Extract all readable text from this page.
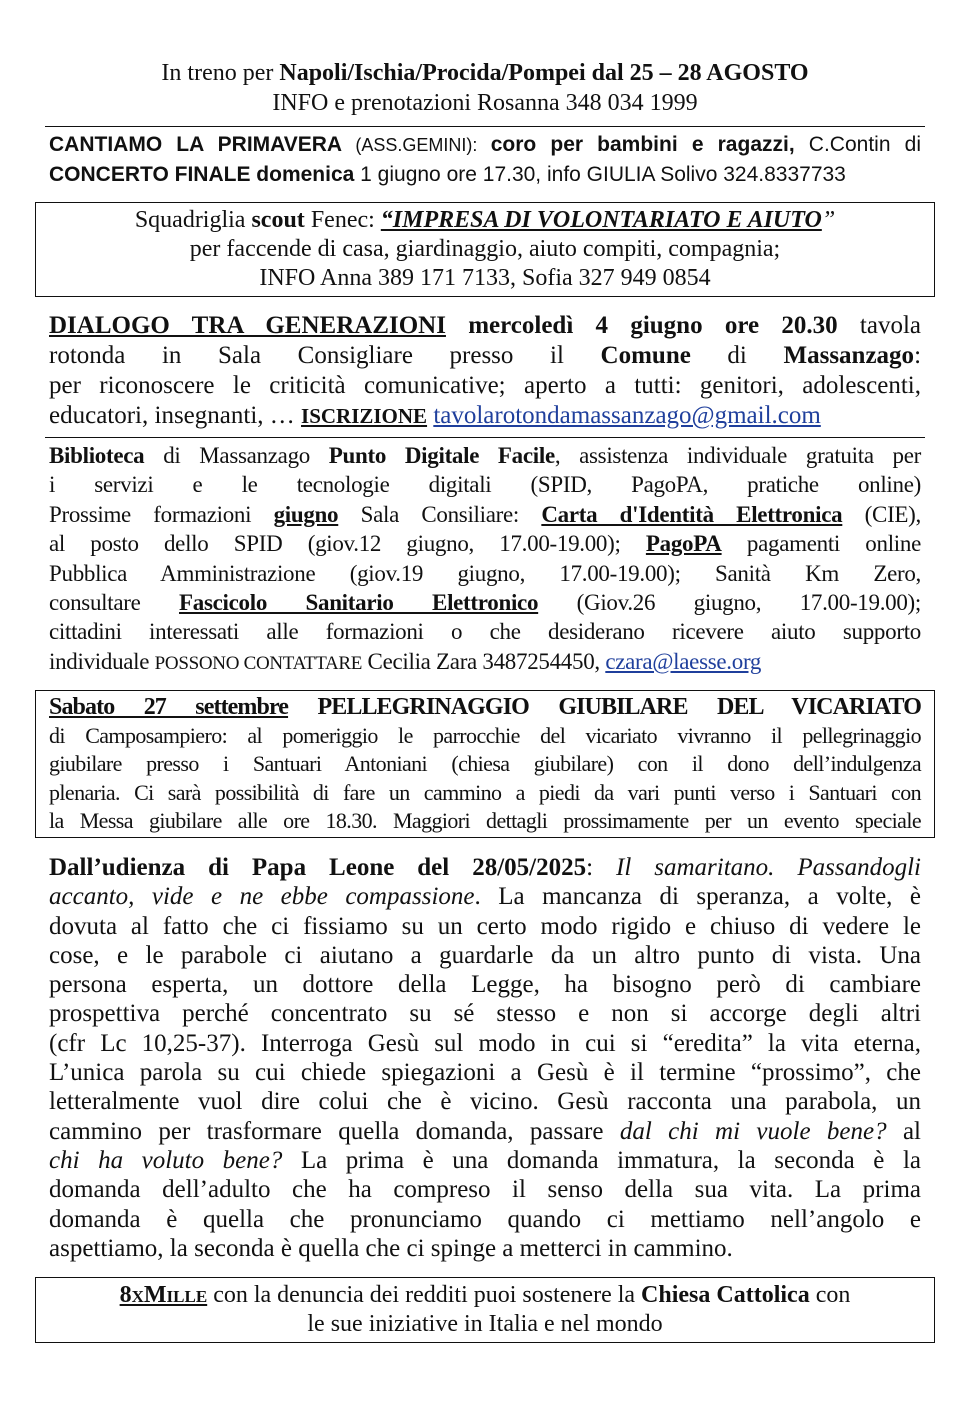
In treno per Napoli/Ischia/Procida/Pompei dal 25 – 28 AGOSTO
INFO e prenotazioni Rosanna 348 034 1999
CANTIAMO LA PRIMAVERA (ASS.GEMINI): coro per bambini e ragazzi, C.Contin di
CONCERTO FINALE domenica 1 giugno ore 17.30, info GIULIA Solivo 324.8337733
Squadriglia scout Fenec: “IMPRESA DI VOLONTARIATO E AIUTO”
per faccende di casa, giardinaggio, aiuto compiti, compagnia;
INFO Anna 389 171 7133, Sofia 327 949 0854
DIALOGO TRA GENERAZIONI mercoledì 4 giugno ore 20.30 tavola
rotonda in Sala Consigliare presso il Comune di Massanzago:
per riconoscere le criticità comunicative; aperto a tutti: genitori, adolescenti,
educatori, insegnanti, … ISCRIZIONE tavolarotondamassanzago@gmail.com
Biblioteca di Massanzago Punto Digitale Facile, assistenza individuale gratuita per
i servizi e le tecnologie digitali (SPID, PagoPA, pratiche online)
Prossime formazioni giugno Sala Consiliare: Carta d'Identità Elettronica (CIE),
al posto dello SPID (giov.12 giugno, 17.00-19.00); PagoPA pagamenti online
Pubblica Amministrazione (giov.19 giugno, 17.00-19.00); Sanità Km Zero,
consultare Fascicolo Sanitario Elettronico (Giov.26 giugno, 17.00-19.00);
cittadini interessati alle formazioni o che desiderano ricevere aiuto supporto
individuale POSSONO CONTATTARE Cecilia Zara 3487254450, czara@laesse.org
Sabato 27 settembre PELLEGRINAGGIO GIUBILARE DEL VICARIATO
di Camposampiero: al pomeriggio le parrocchie del vicariato vivranno il pellegrinaggio
giubilare presso i Santuari Antoniani (chiesa giubilare) con il dono dell’indulgenza
plenaria. Ci sarà possibilità di fare un cammino a piedi da vari punti verso i Santuari con
la Messa giubilare alle ore 18.30. Maggiori dettagli prossimamente per un evento speciale
Dall’udienza di Papa Leone del 28/05/2025: Il samaritano. Passandogli
accanto, vide e ne ebbe compassione. La mancanza di speranza, a volte, è
dovuta al fatto che ci fissiamo su un certo modo rigido e chiuso di vedere le
cose, e le parabole ci aiutano a guardarle da un altro punto di vista. Una
persona esperta, un dottore della Legge, ha bisogno però di cambiare
prospettiva perché concentrato su sé stesso e non si accorge degli altri
(cfr Lc 10,25-37). Interroga Gesù sul modo in cui si “eredita” la vita eterna,
L’unica parola su cui chiede spiegazioni a Gesù è il termine “prossimo”, che
letteralmente vuol dire colui che è vicino. Gesù racconta una parabola, un
cammino per trasformare quella domanda, passare dal chi mi vuole bene? al
chi ha voluto bene? La prima è una domanda immatura, la seconda è la
domanda dell’adulto che ha compreso il senso della sua vita. La prima
domanda è quella che pronunciamo quando ci mettiamo nell’angolo e
aspettiamo, la seconda è quella che ci spinge a metterci in cammino.
8xMille con la denuncia dei redditi puoi sostenere la Chiesa Cattolica con
le sue iniziative in Italia e nel mondo
